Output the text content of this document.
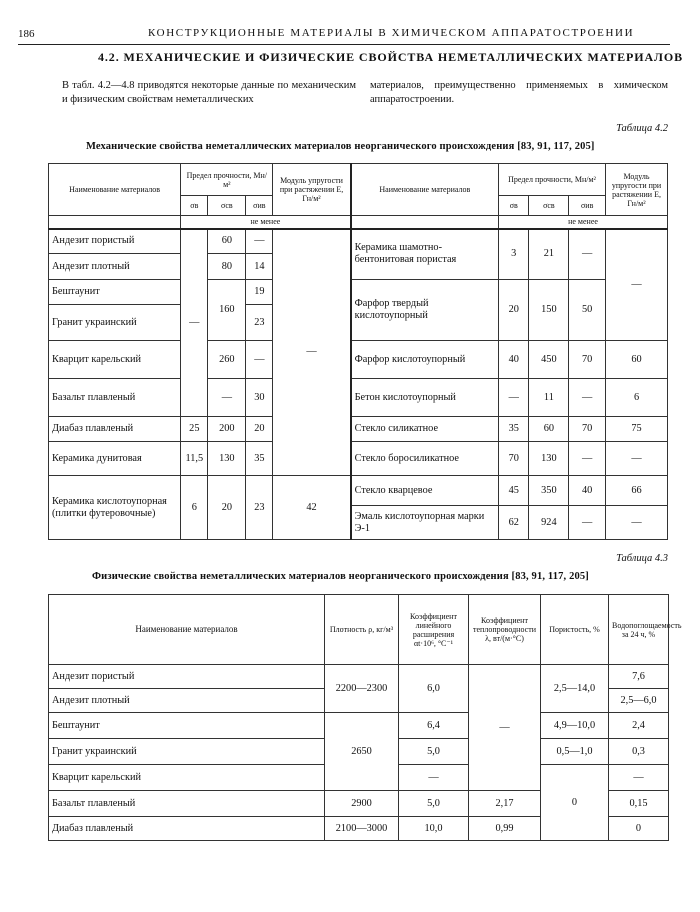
186	КОНСТРУКЦИОННЫЕ МАТЕРИАЛЫ В ХИМИЧЕСКОМ АППАРАТОСТРОЕНИИ
4.2. МЕХАНИЧЕСКИЕ И ФИЗИЧЕСКИЕ СВОЙСТВА НЕМЕТАЛЛИЧЕСКИХ МАТЕРИАЛОВ
В табл. 4.2—4.8 приводятся некоторые данные по механическим и физическим свойствам неметаллических
материалов, преимущественно применяемых в химическом аппаратостроении.
Таблица 4.2
Механические свойства неметаллических материалов неорганического происхождения [83, 91, 117, 205]
Наименование материалов	Предел прочности, Мн/м²			Модуль упругости при растяжении E, Гн/м²	Наименование материалов	Предел прочности, Мн/м²			Модуль упругости при растяжении E, Гн/м²
	σв	σсв	σив			σв	σсв	σив	
	не менее					не менее			
Андезит пористый	—	60	—	—	Керамика шамотно-бентонитовая пористая	3	21	—	—
Андезит плотный		80	14						
Бештаунит		160	19		Фарфор твердый кислотоупорный	20	150	50	
Гранит украинский			23						
Кварцит карельский		260	—		Фарфор кислотоупорный	40	450	70	60
Базальт плавленый		—	30		Бетон кислотоупорный	—	11	—	6
Диабаз плавленый	25	200	20		Стекло силикатное	35	60	70	75
Керамика дунитовая	11,5	130	35		Стекло боросиликатное	70	130	—	—
Керамика кислотоупорная (плитки футеровочные)	6	20	23	42	Стекло кварцевое	45	350	40	66
					Эмаль кислотоупорная марки Э-1	62	924	—	—
Таблица 4.3
Физические свойства неметаллических материалов неорганического происхождения [83, 91, 117, 205]
Наименование материалов	Плотность ρ, кг/м³	Коэффициент линейного расширения αt·10⁶, °C⁻¹	Коэффициент теплопроводности λ, вт/(м·°С)	Пористость, %	Водопоглощаемость за 24 ч, %
Андезит пористый	2200—2300	6,0	—	2,5—14,0	7,6
Андезит плотный					2,5—6,0
Бештаунит	2650	6,4		4,9—10,0	2,4
Гранит украинский		5,0		0,5—1,0	0,3
Кварцит карельский		—		0	—
Базальт плавленый	2900	5,0	2,17		0,15
Диабаз плавленый	2100—3000	10,0	0,99		0
